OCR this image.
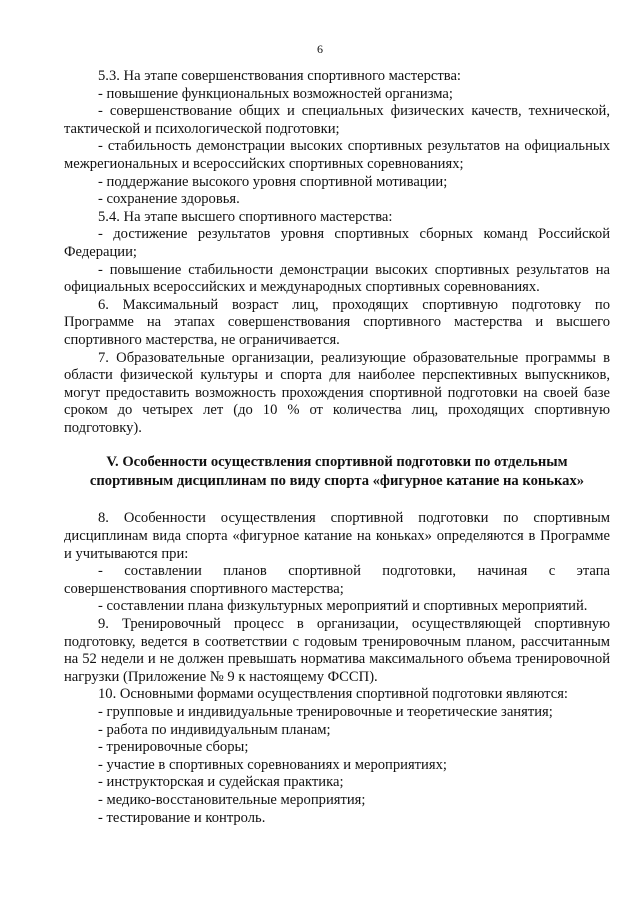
6

5.3. На этапе совершенствования спортивного мастерства:

- повышение функциональных возможностей организма;

- совершенствование общих и специальных физических качеств, технической, тактической и психологической подготовки;

- стабильность демонстрации высоких спортивных результатов на официальных межрегиональных и всероссийских спортивных соревнованиях;

- поддержание высокого уровня спортивной мотивации;

- сохранение здоровья.

5.4. На этапе высшего спортивного мастерства:

- достижение результатов уровня спортивных сборных команд Российской Федерации;

- повышение стабильности демонстрации высоких спортивных результатов на официальных всероссийских и международных спортивных соревнованиях.

6. Максимальный возраст лиц, проходящих спортивную подготовку по Программе на этапах совершенствования спортивного мастерства и высшего спортивного мастерства, не ограничивается.

7. Образовательные организации, реализующие образовательные программы в области физической культуры и спорта для наиболее перспективных выпускников, могут предоставить возможность прохождения спортивной подготовки на своей базе сроком до четырех лет (до 10 % от количества лиц, проходящих спортивную подготовку).

V. Особенности осуществления спортивной подготовки по отдельным спортивным дисциплинам по виду спорта «фигурное катание на коньках»

8. Особенности осуществления спортивной подготовки по спортивным дисциплинам вида спорта «фигурное катание на коньках» определяются в Программе и учитываются при:

- составлении планов спортивной подготовки, начиная с этапа совершенствования спортивного мастерства;

- составлении плана физкультурных мероприятий и спортивных мероприятий.

9. Тренировочный процесс в организации, осуществляющей спортивную подготовку, ведется в соответствии с годовым тренировочным планом, рассчитанным на 52 недели и не должен превышать норматива максимального объема тренировочной нагрузки (Приложение № 9 к настоящему ФССП).

10. Основными формами осуществления спортивной подготовки являются:

- групповые и индивидуальные тренировочные и теоретические занятия;

- работа по индивидуальным планам;

- тренировочные сборы;

- участие в спортивных соревнованиях и мероприятиях;

- инструкторская и судейская практика;

- медико-восстановительные мероприятия;

- тестирование и контроль.
